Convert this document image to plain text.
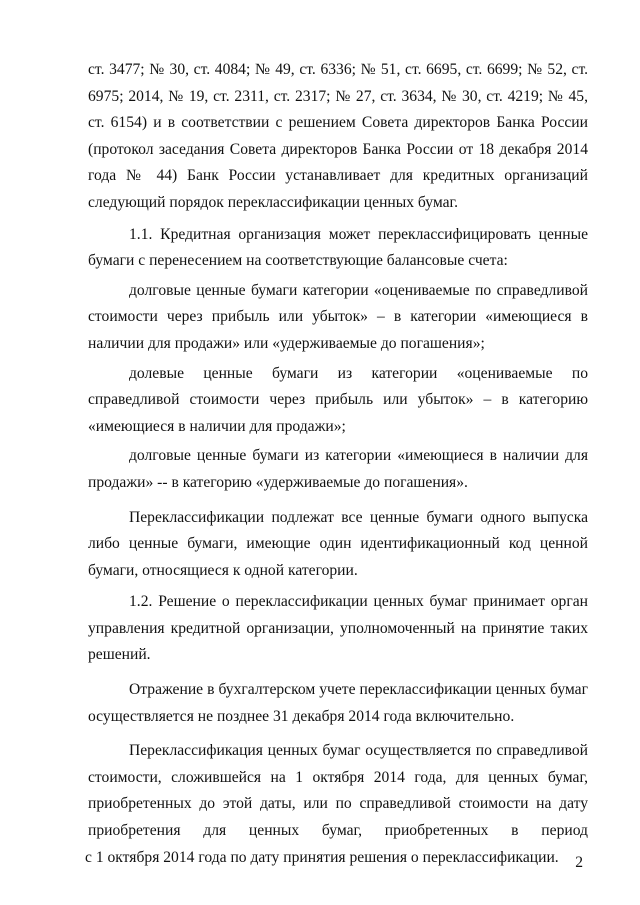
ст. 3477; № 30, ст. 4084; № 49, ст. 6336; № 51, ст. 6695, ст. 6699; № 52, ст. 6975; 2014, № 19, ст. 2311, ст. 2317; № 27, ст. 3634, № 30, ст. 4219; № 45, ст. 6154) и в соответствии с решением Совета директоров Банка России (протокол заседания Совета директоров Банка России от 18 декабря 2014 года № 44) Банк России устанавливает для кредитных организаций следующий порядок переклассификации ценных бумаг.

1.1. Кредитная организация может переклассифицировать ценные бумаги с перенесением на соответствующие балансовые счета:

долговые ценные бумаги категории «оцениваемые по справедливой стоимости через прибыль или убыток» – в категории «имеющиеся в наличии для продажи» или «удерживаемые до погашения»;

долевые ценные бумаги из категории «оцениваемые по справедливой стоимости через прибыль или убыток» – в категорию «имеющиеся в наличии для продажи»;

долговые ценные бумаги из категории «имеющиеся в наличии для продажи» -- в категорию «удерживаемые до погашения».

Переклассификации подлежат все ценные бумаги одного выпуска либо ценные бумаги, имеющие один идентификационный код ценной бумаги, относящиеся к одной категории.

1.2. Решение о переклассификации ценных бумаг принимает орган управления кредитной организации, уполномоченный на принятие таких решений.

Отражение в бухгалтерском учете переклассификации ценных бумаг осуществляется не позднее 31 декабря 2014 года включительно.

Переклассификация ценных бумаг осуществляется по справедливой стоимости, сложившейся на 1 октября 2014 года, для ценных бумаг, приобретенных до этой даты, или по справедливой стоимости на дату приобретения для ценных бумаг, приобретенных в период

с 1 октября 2014 года по дату принятия решения о переклассификации.	2
